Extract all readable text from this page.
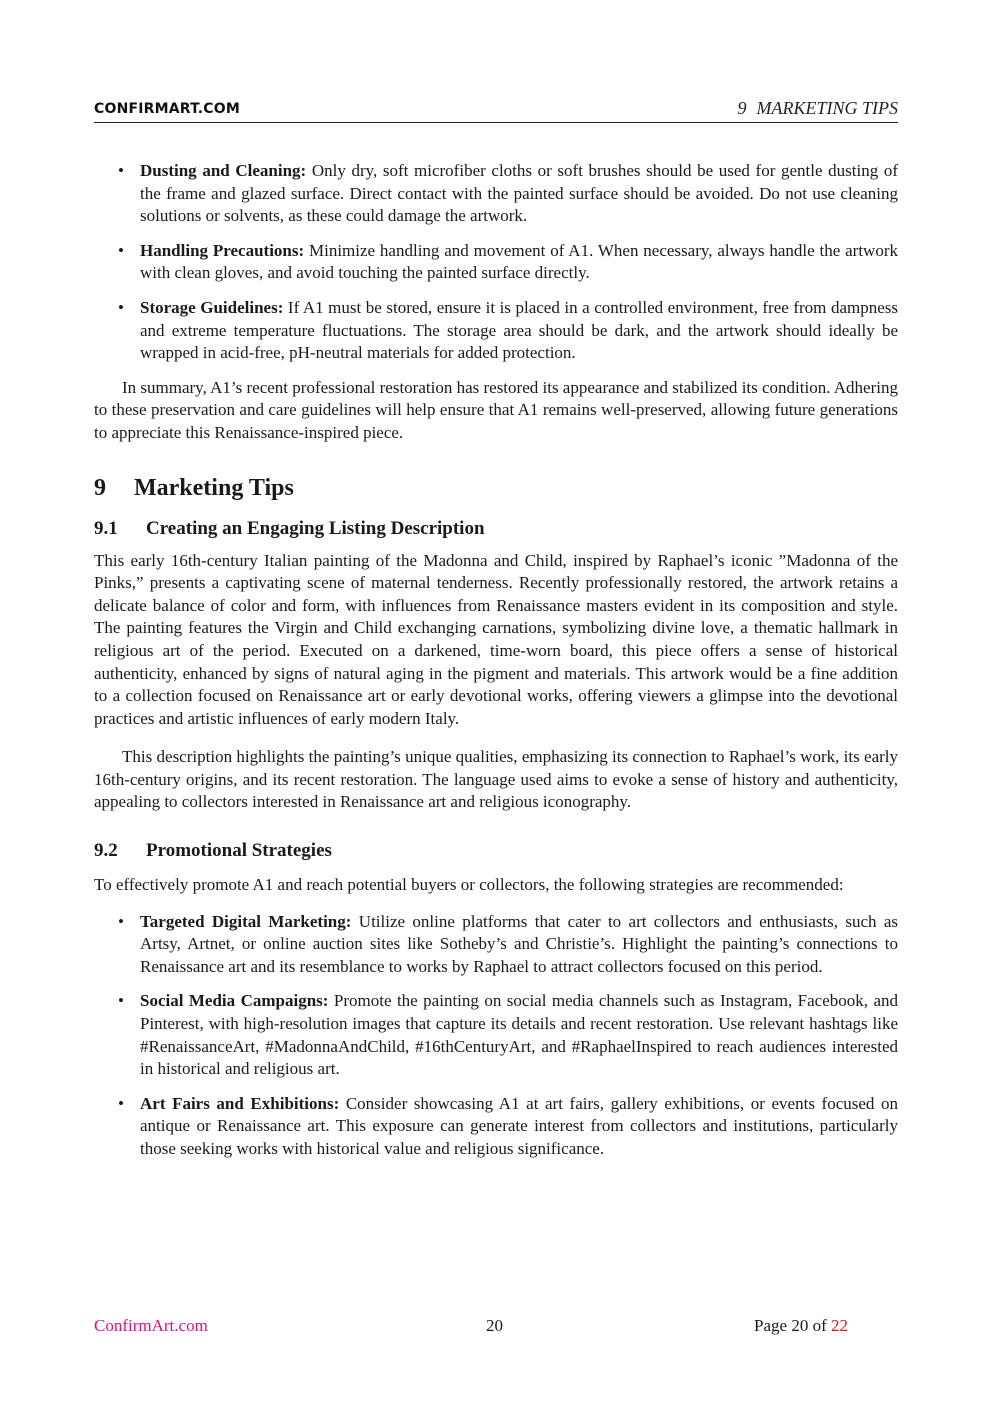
CONFIRMART.COM	9 MARKETING TIPS
• Dusting and Cleaning: Only dry, soft microfiber cloths or soft brushes should be used for gentle dusting of the frame and glazed surface. Direct contact with the painted surface should be avoided. Do not use cleaning solutions or solvents, as these could damage the artwork.
• Handling Precautions: Minimize handling and movement of A1. When necessary, always handle the artwork with clean gloves, and avoid touching the painted surface directly.
• Storage Guidelines: If A1 must be stored, ensure it is placed in a controlled environment, free from dampness and extreme temperature fluctuations. The storage area should be dark, and the artwork should ideally be wrapped in acid-free, pH-neutral materials for added protection.

In summary, A1’s recent professional restoration has restored its appearance and stabilized its condition. Adhering to these preservation and care guidelines will help ensure that A1 remains well-preserved, allowing future generations to appreciate this Renaissance-inspired piece.

9 Marketing Tips
9.1 Creating an Engaging Listing Description

This early 16th-century Italian painting of the Madonna and Child, inspired by Raphael’s iconic ”Madonna of the Pinks,” presents a captivating scene of maternal tenderness. Recently professionally restored, the artwork retains a delicate balance of color and form, with influences from Renaissance masters evident in its composition and style. The painting features the Virgin and Child exchanging carnations, symbolizing divine love, a thematic hallmark in religious art of the period. Executed on a darkened, time-worn board, this piece offers a sense of historical authenticity, enhanced by signs of natural aging in the pigment and materials. This artwork would be a fine addition to a collection focused on Renaissance art or early devotional works, offering viewers a glimpse into the devotional practices and artistic influences of early modern Italy.

This description highlights the painting’s unique qualities, emphasizing its connection to Raphael’s work, its early 16th-century origins, and its recent restoration. The language used aims to evoke a sense of history and authenticity, appealing to collectors interested in Renaissance art and religious iconography.

9.2 Promotional Strategies

To effectively promote A1 and reach potential buyers or collectors, the following strategies are recommended:

• Targeted Digital Marketing: Utilize online platforms that cater to art collectors and enthusiasts, such as Artsy, Artnet, or online auction sites like Sotheby’s and Christie’s. Highlight the painting’s connections to Renaissance art and its resemblance to works by Raphael to attract collectors focused on this period.
• Social Media Campaigns: Promote the painting on social media channels such as Instagram, Facebook, and Pinterest, with high-resolution images that capture its details and recent restoration. Use relevant hashtags like #RenaissanceArt, #MadonnaAndChild, #16thCenturyArt, and #RaphaelInspired to reach audiences interested in historical and religious art.
• Art Fairs and Exhibitions: Consider showcasing A1 at art fairs, gallery exhibitions, or events focused on antique or Renaissance art. This exposure can generate interest from collectors and institutions, particularly those seeking works with historical value and religious significance.
ConfirmArt.com	20	Page 20 of 22
